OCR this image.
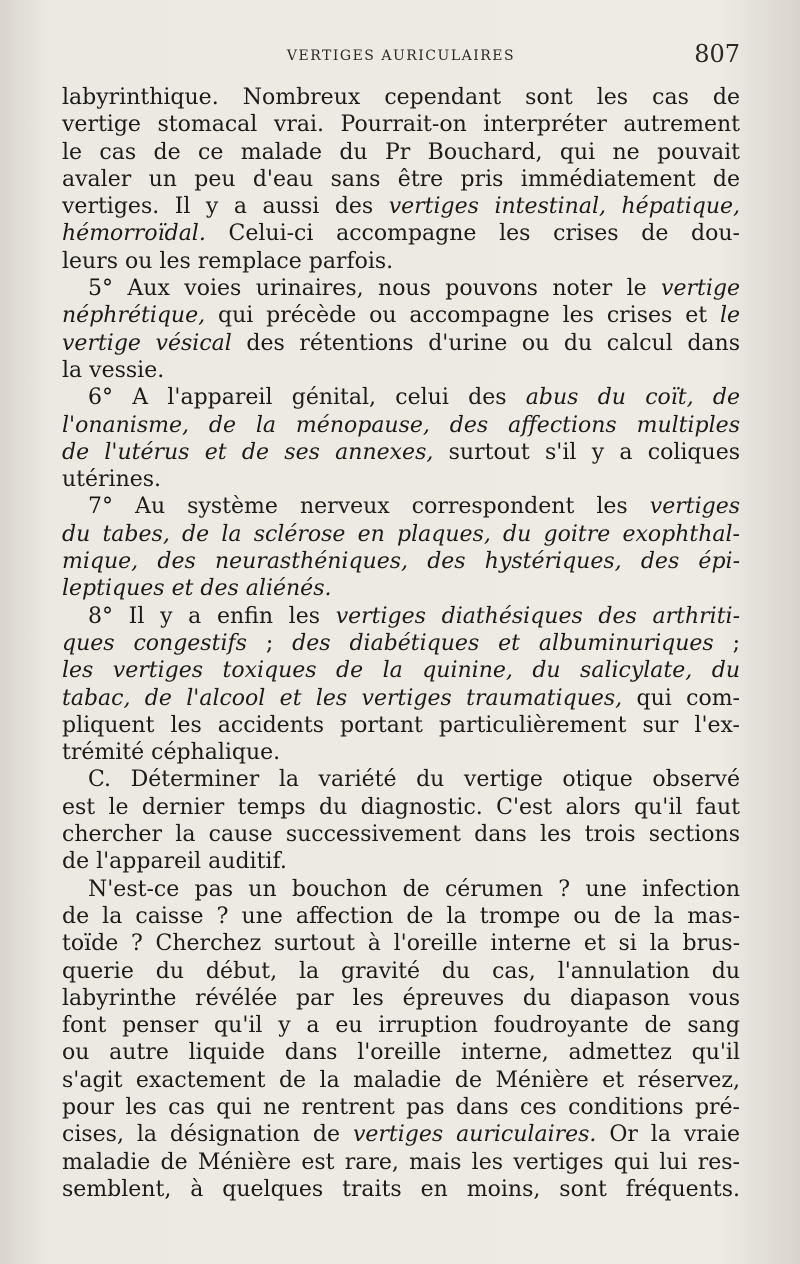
VERTIGES AURICULAIRES	807
labyrinthique. Nombreux cependant sont les cas de
vertige stomacal vrai. Pourrait-on interpréter autrement
le cas de ce malade du Pr Bouchard, qui ne pouvait
avaler un peu d'eau sans être pris immédiatement de
vertiges. Il y a aussi des vertiges intestinal, hépatique,
hémorroïdal. Celui-ci accompagne les crises de dou-
leurs ou les remplace parfois.
5° Aux voies urinaires, nous pouvons noter le vertige
néphrétique, qui précède ou accompagne les crises et le
vertige vésical des rétentions d'urine ou du calcul dans
la vessie.
6° A l'appareil génital, celui des abus du coït, de
l'onanisme, de la ménopause, des affections multiples
de l'utérus et de ses annexes, surtout s'il y a coliques
utérines.
7° Au système nerveux correspondent les vertiges
du tabes, de la sclérose en plaques, du goitre exophthal-
mique, des neurasthéniques, des hystériques, des épi-
leptiques et des aliénés.
8° Il y a enfin les vertiges diathésiques des arthriti-
ques congestifs ; des diabétiques et albuminuriques ;
les vertiges toxiques de la quinine, du salicylate, du
tabac, de l'alcool et les vertiges traumatiques, qui com-
pliquent les accidents portant particulièrement sur l'ex-
trémité céphalique.
C. Déterminer la variété du vertige otique observé
est le dernier temps du diagnostic. C'est alors qu'il faut
chercher la cause successivement dans les trois sections
de l'appareil auditif.
N'est-ce pas un bouchon de cérumen ? une infection
de la caisse ? une affection de la trompe ou de la mas-
toïde ? Cherchez surtout à l'oreille interne et si la brus-
querie du début, la gravité du cas, l'annulation du
labyrinthe révélée par les épreuves du diapason vous
font penser qu'il y a eu irruption foudroyante de sang
ou autre liquide dans l'oreille interne, admettez qu'il
s'agit exactement de la maladie de Ménière et réservez,
pour les cas qui ne rentrent pas dans ces conditions pré-
cises, la désignation de vertiges auriculaires. Or la vraie
maladie de Ménière est rare, mais les vertiges qui lui res-
semblent, à quelques traits en moins, sont fréquents.
